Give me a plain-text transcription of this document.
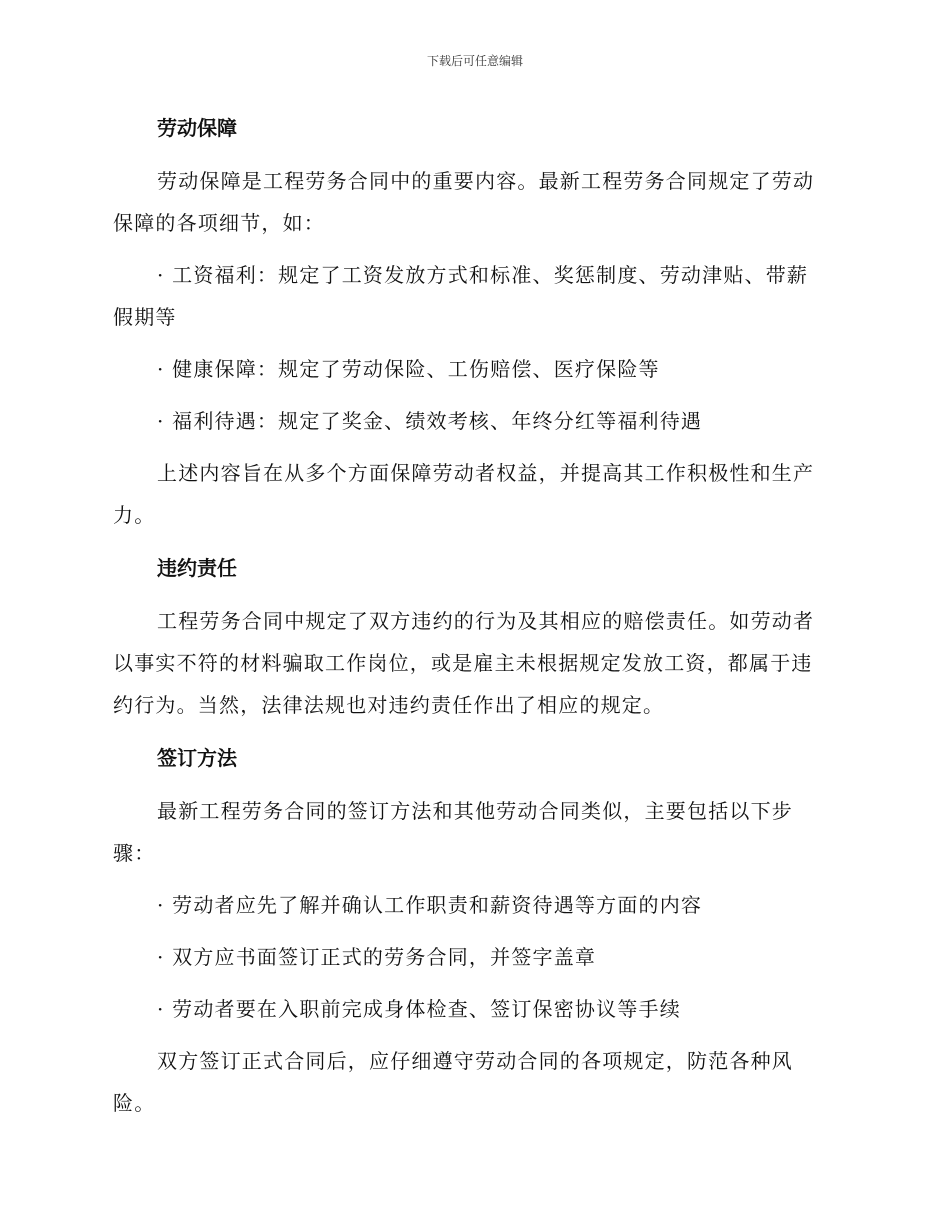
下载后可任意编辑
劳动保障

劳动保障是工程劳务合同中的重要内容。最新工程劳务合同规定了劳动保障的各项细节，如：

· 工资福利：规定了工资发放方式和标准、奖惩制度、劳动津贴、带薪假期等

· 健康保障：规定了劳动保险、工伤赔偿、医疗保险等

· 福利待遇：规定了奖金、绩效考核、年终分红等福利待遇

上述内容旨在从多个方面保障劳动者权益，并提高其工作积极性和生产力。

违约责任

工程劳务合同中规定了双方违约的行为及其相应的赔偿责任。如劳动者以事实不符的材料骗取工作岗位，或是雇主未根据规定发放工资，都属于违约行为。当然，法律法规也对违约责任作出了相应的规定。

签订方法

最新工程劳务合同的签订方法和其他劳动合同类似，主要包括以下步骤：

· 劳动者应先了解并确认工作职责和薪资待遇等方面的内容

· 双方应书面签订正式的劳务合同，并签字盖章

· 劳动者要在入职前完成身体检查、签订保密协议等手续

双方签订正式合同后，应仔细遵守劳动合同的各项规定，防范各种风险。
